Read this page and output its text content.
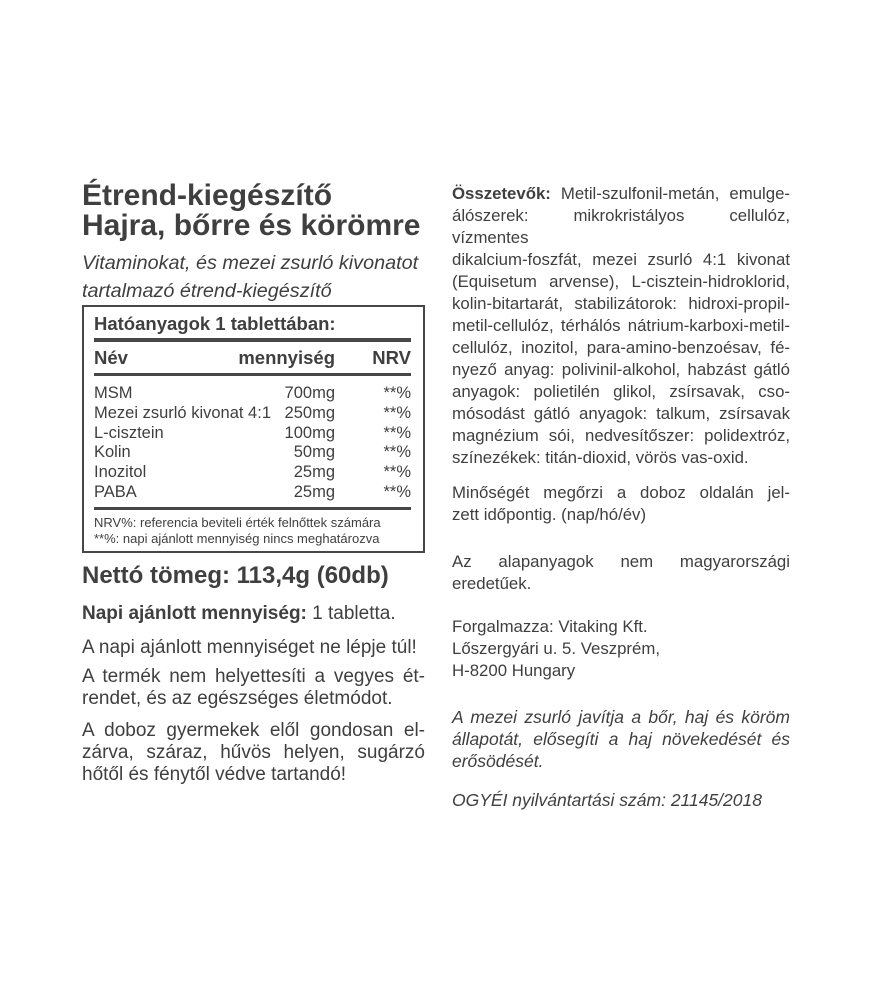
Étrend-kiegészítő
Hajra, bőrre és körömre
Vitaminokat, és mezei zsurló kivonatot
tartalmazó étrend-kiegészítő
Hatóanyagok 1 tablettában:
Név	mennyiség	NRV
MSM	700mg	**%
Mezei zsurló kivonat 4:1 250mg	**%
L-cisztein	100mg	**%
Kolin	50mg	**%
Inozitol	25mg	**%
PABA	25mg	**%
NRV%: referencia beviteli érték felnőttek számára
**%: napi ajánlott mennyiség nincs meghatározva
Nettó tömeg: 113,4g (60db)
Napi ajánlott mennyiség: 1 tabletta.
A napi ajánlott mennyiséget ne lépje túl!
A termék nem helyettesíti a vegyes ét-
rendet, és az egészséges életmódot.
A doboz gyermekek elől gondosan el-
zárva, száraz, hűvös helyen, sugárzó
hőtől és fénytől védve tartandó!
Összetevők: Metil-szulfonil-metán, emulge-
álószerek: mikrokristályos cellulóz, vízmentes
dikalcium-foszfát, mezei zsurló 4:1 kivonat
(Equisetum arvense), L-cisztein-hidroklorid,
kolin-bitartarát, stabilizátorok: hidroxi-propil-
metil-cellulóz, térhálós nátrium-karboxi-metil-
cellulóz, inozitol, para-amino-benzoésav, fé-
nyező anyag: polivinil-alkohol, habzást gátló
anyagok: polietilén glikol, zsírsavak, cso-
mósodást gátló anyagok: talkum, zsírsavak
magnézium sói, nedvesítőszer: polidextróz,
színezékek: titán-dioxid, vörös vas-oxid.
Minőségét megőrzi a doboz oldalán jel-
zett időpontig. (nap/hó/év)
Az alapanyagok nem magyarországi
eredetűek.
Forgalmazza: Vitaking Kft.
Lőszergyári u. 5. Veszprém,
H-8200 Hungary
A mezei zsurló javítja a bőr, haj és köröm
állapotát, elősegíti a haj növekedését és
erősödését.
OGYÉI nyilvántartási szám: 21145/2018
